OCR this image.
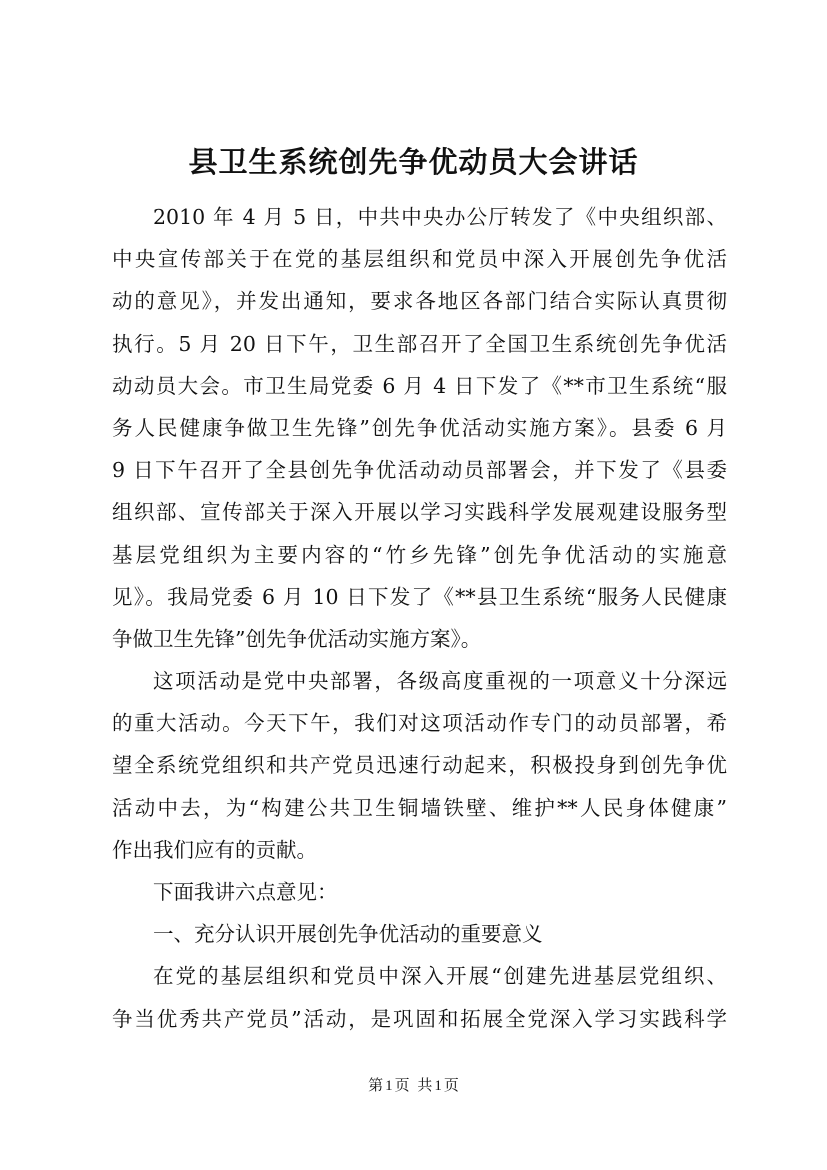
县卫生系统创先争优动员大会讲话
2010 年 4 月 5 日，中共中央办公厅转发了《中央组织部、
中央宣传部关于在党的基层组织和党员中深入开展创先争优活
动的意见》，并发出通知，要求各地区各部门结合实际认真贯彻
执行。5 月 20 日下午，卫生部召开了全国卫生系统创先争优活
动动员大会。市卫生局党委 6 月 4 日下发了《**市卫生系统“服
务人民健康争做卫生先锋”创先争优活动实施方案》。县委 6 月
9 日下午召开了全县创先争优活动动员部署会，并下发了《县委
组织部、宣传部关于深入开展以学习实践科学发展观建设服务型
基层党组织为主要内容的“竹乡先锋”创先争优活动的实施意
见》。我局党委 6 月 10 日下发了《**县卫生系统“服务人民健康
争做卫生先锋”创先争优活动实施方案》。
这项活动是党中央部署，各级高度重视的一项意义十分深远
的重大活动。今天下午，我们对这项活动作专门的动员部署，希
望全系统党组织和共产党员迅速行动起来，积极投身到创先争优
活动中去，为“构建公共卫生铜墙铁壁、维护**人民身体健康”
作出我们应有的贡献。
下面我讲六点意见：
一、充分认识开展创先争优活动的重要意义
在党的基层组织和党员中深入开展“创建先进基层党组织、
争当优秀共产党员”活动，是巩固和拓展全党深入学习实践科学
第 1 页 共 1 页
